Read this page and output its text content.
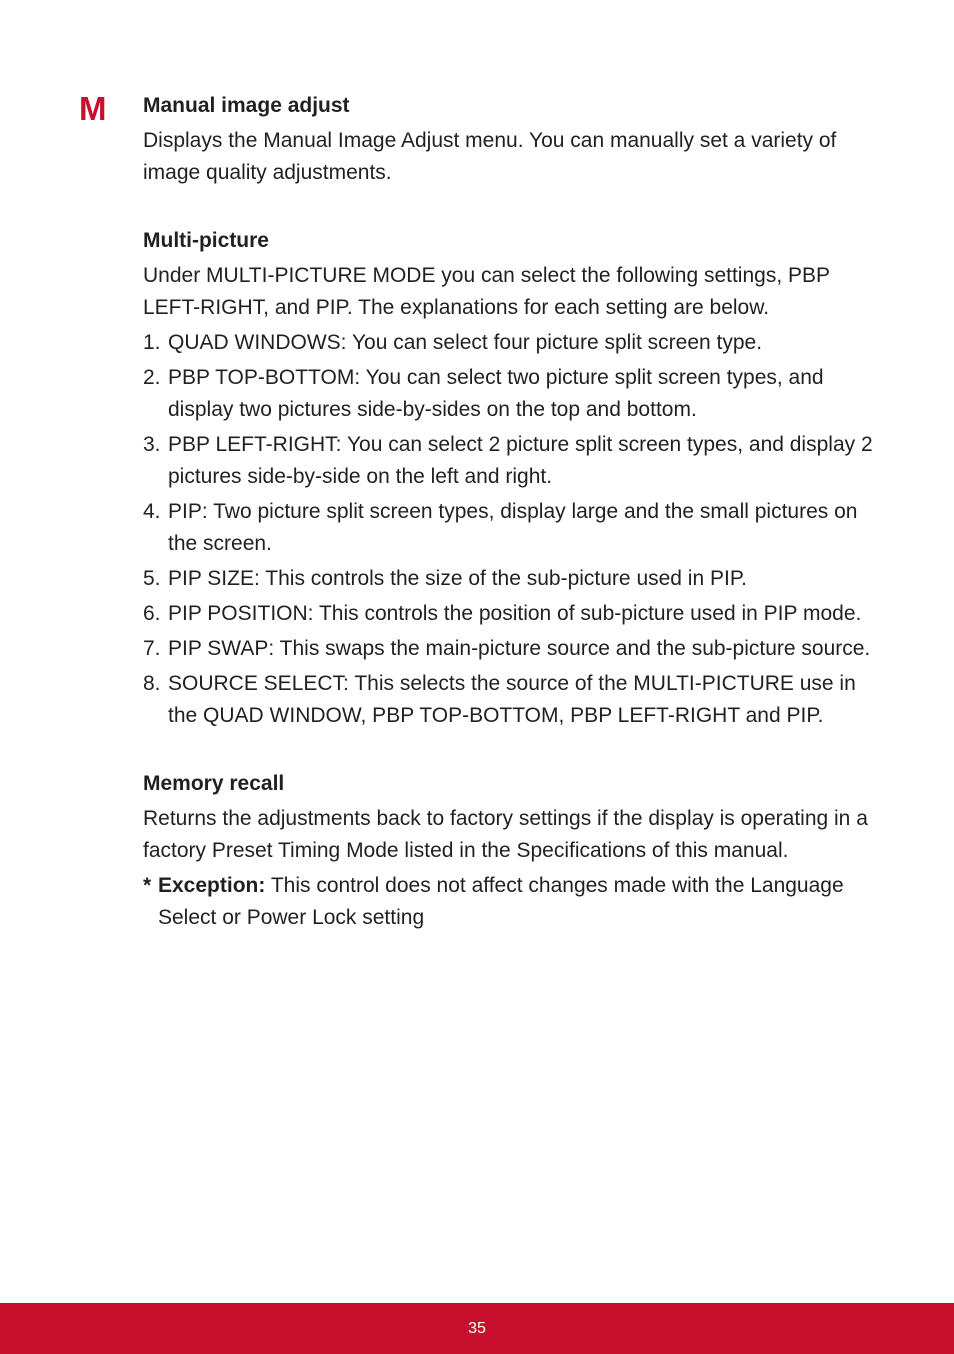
M Manual image adjust

Displays the Manual Image Adjust menu. You can manually set a variety of image quality adjustments.

Multi-picture

Under MULTI-PICTURE MODE you can select the following settings, PBP LEFT-RIGHT, and PIP. The explanations for each setting are below.

1. QUAD WINDOWS: You can select four picture split screen type.
2. PBP TOP-BOTTOM: You can select two picture split screen types, and display two pictures side-by-sides on the top and bottom.
3. PBP LEFT-RIGHT: You can select 2 picture split screen types, and display 2 pictures side-by-side on the left and right.
4. PIP: Two picture split screen types, display large and the small pictures on the screen.
5. PIP SIZE: This controls the size of the sub-picture used in PIP.
6. PIP POSITION: This controls the position of sub-picture used in PIP mode.
7. PIP SWAP: This swaps the main-picture source and the sub-picture source.
8. SOURCE SELECT: This selects the source of the MULTI-PICTURE use in the QUAD WINDOW, PBP TOP-BOTTOM, PBP LEFT-RIGHT and PIP.
Memory recall

Returns the adjustments back to factory settings if the display is operating in a factory Preset Timing Mode listed in the Specifications of this manual.

* Exception: This control does not affect changes made with the Language Select or Power Lock setting
35
